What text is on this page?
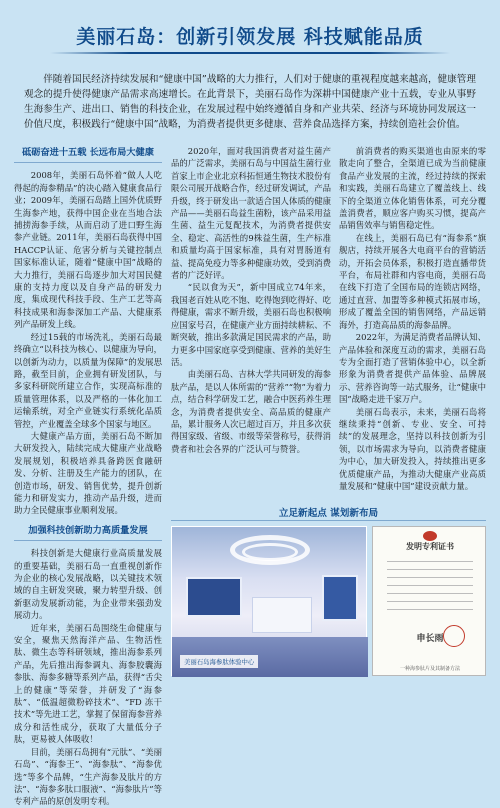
美丽石岛：创新引领发展 科技赋能品质
伴随着国民经济持续发展和“健康中国”战略的大力推行，人们对于健康的重视程度越来越高，健康管理观念的提升使得健康产品需求高速增长。在此背景下，美丽石岛作为深耕中国健康产业十五载，专业从事野生海参生产、进出口、销售的科技企业，在发展过程中始终遵循自身和产业共荣、经济与环境协同发展这一价值尺度，积极践行“健康中国”战略，为消费者提供更多健康、营养食品选择方案，持续创造社会价值。
砥砺奋进十五载 长远布局大健康
2008年，美丽石岛怀着“做人人吃得起的海参精品”的决心踏入健康食品行业；2009年，美丽石岛踏上国外优质野生海参产地，获得中国企业在当地合法捕捞海参手续，从而启动了进口野生海参产业链。2011年，美丽石岛获得中国HACCP认证、危害分析与关键控制点国家标准认证，随着“健康中国”战略的大力推行，美丽石岛逐步加大对国民健康的支持力度以及自身产品的研发力度，集成现代科技手段、生产工艺等高科技成果和海参深加工产品、大健康系列产品研发上线。
经过15载的市场洗礼，美丽石岛最终确立“以科技为核心、以健康为导向，以创新为动力，以质量为保障”的发展思路，截至目前，企业拥有研发团队，与多家科研院所建立合作，实现高标准的质量管理体系，以及严格的一体化加工运输系统，对全产业链实行系统化品质管控，产业覆盖全球多个国家与地区。
大健康产品方面，美丽石岛不断加大研发投入，陆续完成大健康产业战略发展规划，积极培养具备跨医食融研发、分析、注册及生产能力的团队，在创造市场，研发、销售优势，提升创新能力和研发实力，推动产品升级，进而助力全民健康事业顺利发展。
加强科技创新助力高质量发展
科技创新是大健康行业高质量发展的重要基础，美丽石岛一直重视创新作为企业的核心发展战略，以关键技术领域的自主研发突破，聚力转型升级、创新驱动发展新动能，为企业带来强劲发展动力。
近年来，美丽石岛围绕生命健康与安全，聚焦天然海洋产品、生物活性肽、微生态等科研领域，推出海参系列产品，先后推出海参调丸、海参胶囊海参肽、海参多糖等系列产品，获得“舌尖上的健康”等荣誉，并研发了“海参肽”、“低温超微粉碎技术”、“FD 冻干技术”等先进工艺，掌握了保留海参营养成分和活性成分，获取了大量低分子肽，更易被人体吸收！
目前，美丽石岛拥有“元肽”、“美丽石岛”、“海参王”、“海参肽”、“海参优选”等多个品牌，“生产海参及肽片的方法”、“海参多肽口服液”、“海参肽片”等专利产品的原创发明专利。
2020年，面对我国消费者对益生菌产品的广泛需求，美丽石岛与中国益生菌行业首家上市企业北京科拓恒通生物技术股份有限公司展开战略合作，经过研发调试，产品升级，终于研发出一款适合国人体质的健康产品——美丽石岛益生菌粉，该产品采用益生菌、益生元复配技术，为消费者提供安全、稳定、高活性的9株益生菌，生产标准和质量均高于国家标准，具有对胃肠道有益、提高免疫力等多种健康功效，受到消费者的广泛好评。
“民以食为天”，新中国成立74年来，我国老百姓从吃不饱、吃得饱到吃得好、吃得健康，需求不断升级，美丽石岛也积极响应国家号召，在健康产业方面持续耕耘、不断突破，推出多款满足国民需求的产品，助力更多中国家庭享受到健康、营养的美好生活。
由美丽石岛、吉林大学共同研发的海参肽产品，是以人体所需的“营养”“物”为着力点，结合科学研发工艺，融合中医药养生理念，为消费者提供安全、高品质的健康产品，累计服务人次已超过百万，并且多次获得国家级、省级、市级等荣誉称号，获得消费者和社会各界的广泛认可与赞誉。
前消费者的购买渠道也由原来的零散走向了整合，全渠道已成为当前健康食品产业发展的主流，经过持续的探索和实践，美丽石岛建立了覆盖线上、线下的全渠道立体化销售体系，可充分覆盖消费者，顺应客户购买习惯，提高产品销售效率与销售稳定性。
在线上，美丽石岛已有“海参系”旗舰店，持续开展各大电商平台的营销活动，开拓会员体系，积极打造直播带货平台，布局社群和内容电商，美丽石岛在线下打造了全国布局的连锁店网络，通过直营、加盟等多种模式拓展市场，形成了覆盖全国的销售网络，产品远销海外，打造高品质的海参品牌。
2022年，为满足消费者品牌认知、产品体验和深度互动的需求，美丽石岛专为全面打造了营销体验中心，以全新形象为消费者提供产品体验、品牌展示、营养咨询等一站式服务，让“健康中国”战略走进千家万户。
美丽石岛表示，未来，美丽石岛将继续秉持“创新、专业、安全、可持续”的发展理念，坚持以科技创新为引领，以市场需求为导向，以消费者健康为中心，加大研发投入，持续推出更多优质健康产品，为推动大健康产业高质量发展和“健康中国”建设贡献力量。
立足新起点 谋划新布局
美丽石岛海参肽体验中心
发明专利证书
申长雨
一种海参肽片及其制备方法
